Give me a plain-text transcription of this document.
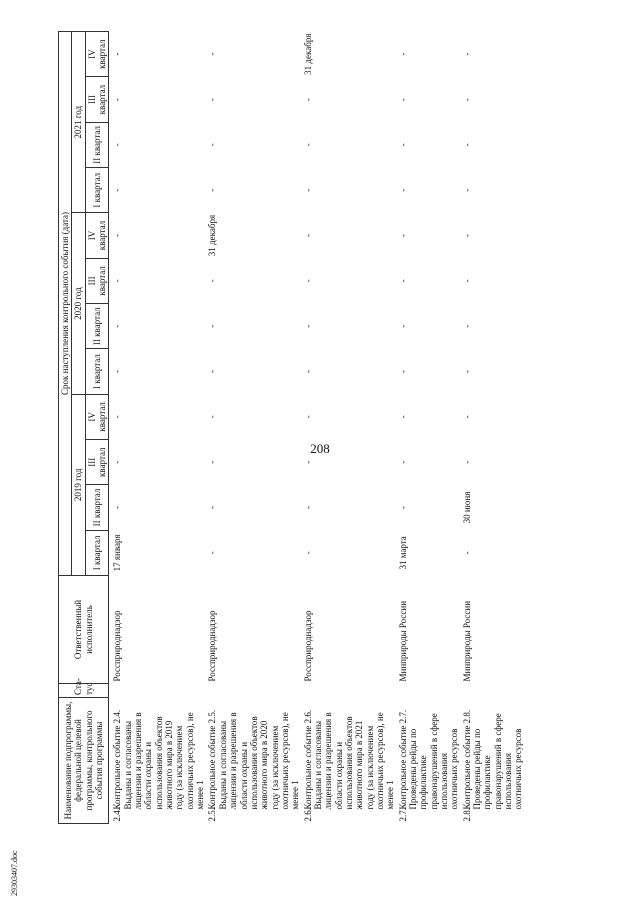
208
29303407.doc
Наименование подпрограммы, федеральной целевой программы, контрольного события программы	Ста-тус	Ответственный исполнитель	Срок наступления контрольного события (дата)											
			2019 год				2020 год				2021 год			
			I квартал	II квартал	III квартал	IV квартал	I квартал	II квартал	III квартал	IV квартал	I квартал	II квартал	III квартал	IV квартал
2.4.Контрольное событие 2.4. Выданы и согласованы лицензии и разрешения в области охраны и использования объектов животного мира в 2019 году (за исключением охотничьих ресурсов), не менее 1		Россприроднадзор	17 января	-	-	-	-	-	-	-	-	-	-	-
2.5.Контрольное событие 2.5. Выданы и согласованы лицензии и разрешения в области охраны и использования объектов животного мира в 2020 году (за исключением охотничьих ресурсов), не менее 1		Россприроднадзор	-	-	-	-	-	-	-	31 декабря	-	-	-	-
2.6.Контрольное событие 2.6. Выданы и согласованы лицензии и разрешения в области охраны и использования объектов животного мира в 2021 году (за исключением охотничьих ресурсов), не менее 1		Россприроднадзор	-	-	-	-	-	-	-	-	-	-	-	31 декабря
2.7.Контрольное событие 2.7. Проведены рейды по профилактике правонарушений в сфере использования охотничьих ресурсов		Минприроды России	31 марта	-	-	-	-	-	-	-	-	-	-	-
2.8.Контрольное событие 2.8. Проведены рейды по профилактике правонарушений в сфере использования охотничьих ресурсов		Минприроды России	-	30 июня	-	-	-	-	-	-	-	-	-	-
